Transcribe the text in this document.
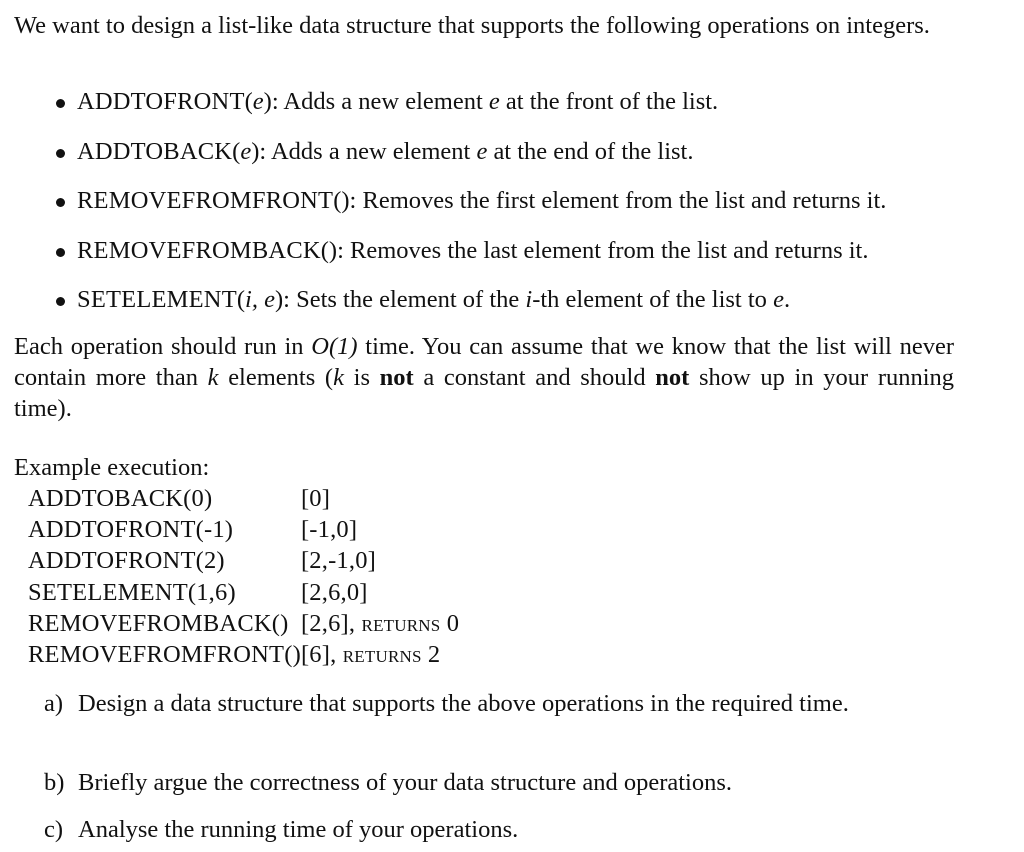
We want to design a list-like data structure that supports the following operations on integers.
ADDTOFRONT(e): Adds a new element e at the front of the list.
ADDTOBACK(e): Adds a new element e at the end of the list.
REMOVEFROMFRONT(): Removes the first element from the list and returns it.
REMOVEFROMBACK(): Removes the last element from the list and returns it.
SETELEMENT(i, e): Sets the element of the i-th element of the list to e.
Each operation should run in O(1) time. You can assume that we know that the list will never contain more than k elements (k is not a constant and should not show up in your running time).
Example execution:
ADDTOBACK(0)	[0]
ADDTOFRONT(-1)	[-1,0]
ADDTOFRONT(2)	[2,-1,0]
SETELEMENT(1,6)	[2,6,0]
REMOVEFROMBACK()	[2,6], returns 0
REMOVEFROMFRONT()	[6], returns 2
a) Design a data structure that supports the above operations in the required time.
b) Briefly argue the correctness of your data structure and operations.
c) Analyse the running time of your operations.
